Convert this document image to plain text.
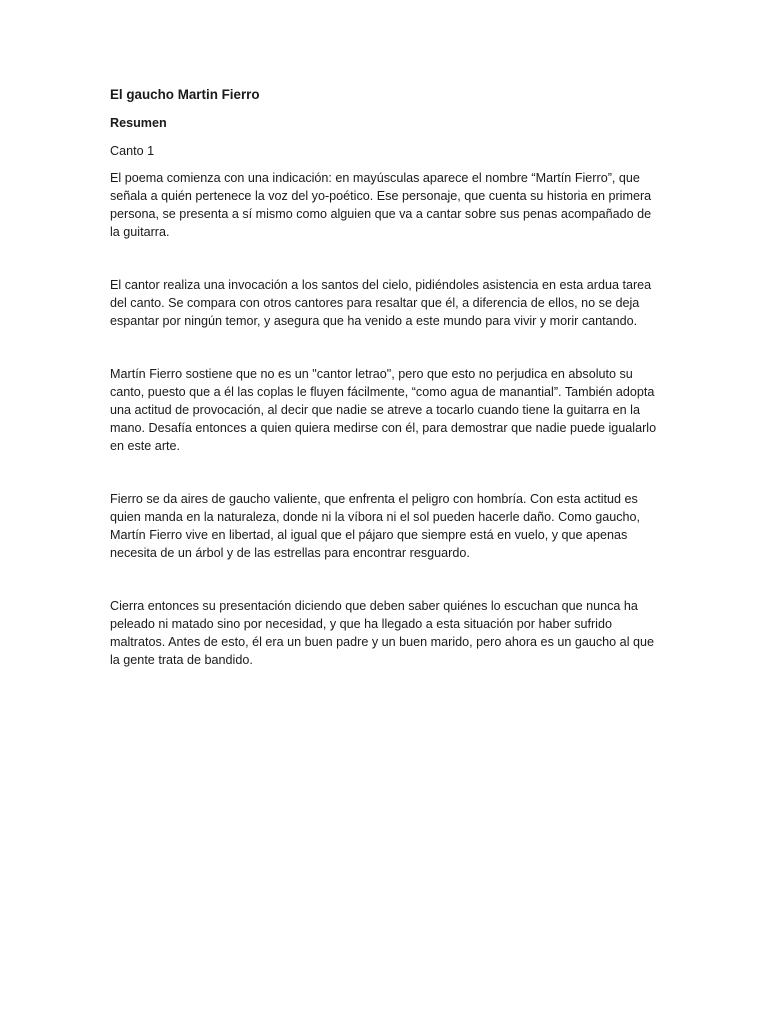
El gaucho Martin Fierro
Resumen
Canto 1

El poema comienza con una indicación: en mayúsculas aparece el nombre “Martín Fierro”, que señala a quién pertenece la voz del yo-poético. Ese personaje, que cuenta su historia en primera persona, se presenta a sí mismo como alguien que va a cantar sobre sus penas acompañado de la guitarra.

El cantor realiza una invocación a los santos del cielo, pidiéndoles asistencia en esta ardua tarea del canto. Se compara con otros cantores para resaltar que él, a diferencia de ellos, no se deja espantar por ningún temor, y asegura que ha venido a este mundo para vivir y morir cantando.

Martín Fierro sostiene que no es un "cantor letrao", pero que esto no perjudica en absoluto su canto, puesto que a él las coplas le fluyen fácilmente, “como agua de manantial”. También adopta una actitud de provocación, al decir que nadie se atreve a tocarlo cuando tiene la guitarra en la mano. Desafía entonces a quien quiera medirse con él, para demostrar que nadie puede igualarlo en este arte.

Fierro se da aires de gaucho valiente, que enfrenta el peligro con hombría. Con esta actitud es quien manda en la naturaleza, donde ni la víbora ni el sol pueden hacerle daño. Como gaucho, Martín Fierro vive en libertad, al igual que el pájaro que siempre está en vuelo, y que apenas necesita de un árbol y de las estrellas para encontrar resguardo.

Cierra entonces su presentación diciendo que deben saber quiénes lo escuchan que nunca ha peleado ni matado sino por necesidad, y que ha llegado a esta situación por haber sufrido maltratos. Antes de esto, él era un buen padre y un buen marido, pero ahora es un gaucho al que la gente trata de bandido.
